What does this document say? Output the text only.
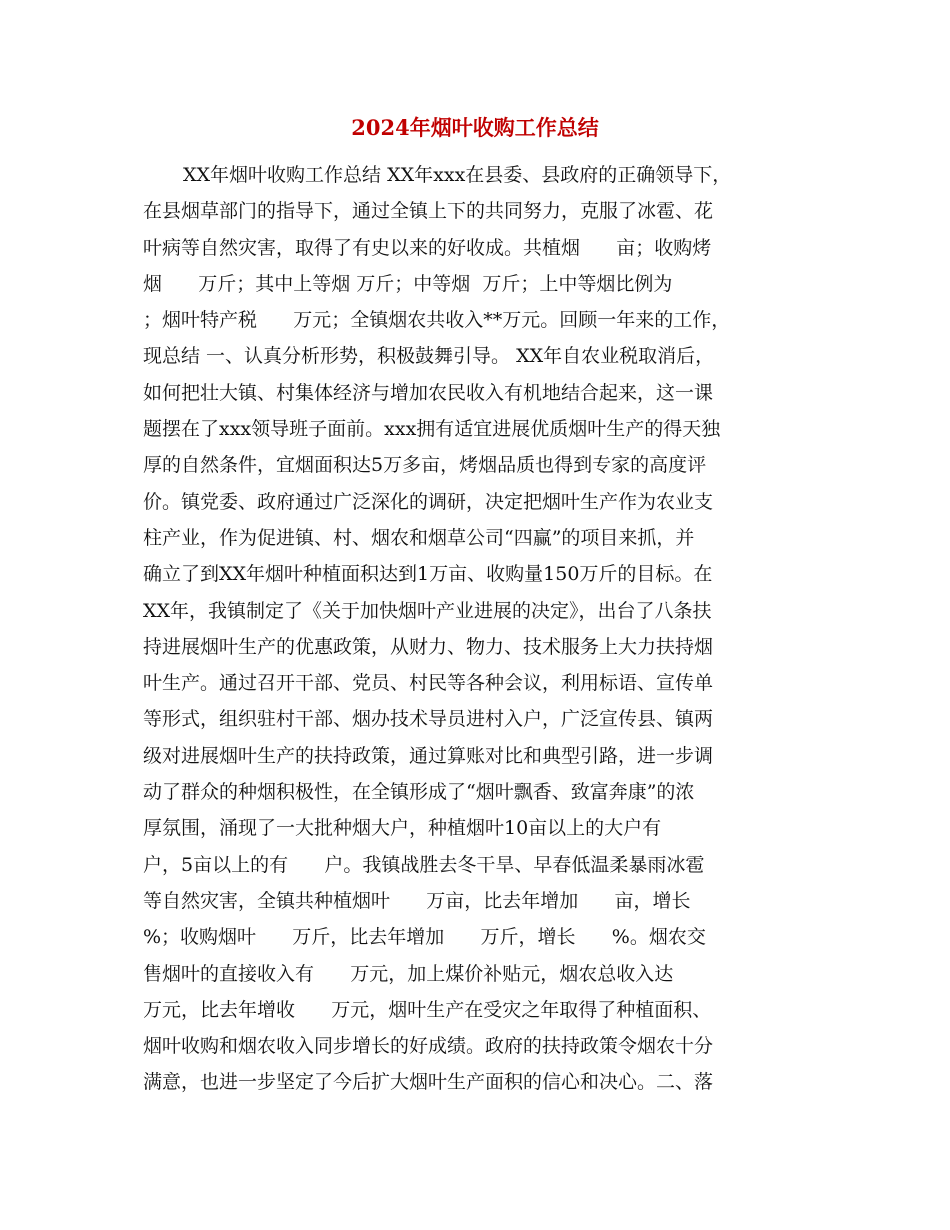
2024年烟叶收购工作总结
XX年烟叶收购工作总结 XX年xxx在县委、县政府的正确领导下，
在县烟草部门的指导下，通过全镇上下的共同努力，克服了冰雹、花
叶病等自然灾害，取得了有史以来的好收成。共植烟      亩；收购烤
烟      万斤；其中上等烟 万斤；中等烟  万斤；上中等烟比例为
；烟叶特产税      万元；全镇烟农共收入**万元。回顾一年来的工作，
现总结 一、认真分析形势，积极鼓舞引导。 XX年自农业税取消后，
如何把壮大镇、村集体经济与增加农民收入有机地结合起来，这一课
题摆在了xxx领导班子面前。xxx拥有适宜进展优质烟叶生产的得天独
厚的自然条件，宜烟面积达5万多亩，烤烟品质也得到专家的高度评
价。镇党委、政府通过广泛深化的调研，决定把烟叶生产作为农业支
柱产业，作为促进镇、村、烟农和烟草公司“四赢”的项目来抓，并
确立了到XX年烟叶种植面积达到1万亩、收购量150万斤的目标。在
XX年，我镇制定了《关于加快烟叶产业进展的决定》，出台了八条扶
持进展烟叶生产的优惠政策，从财力、物力、技术服务上大力扶持烟
叶生产。通过召开干部、党员、村民等各种会议，利用标语、宣传单
等形式，组织驻村干部、烟办技术导员进村入户，广泛宣传县、镇两
级对进展烟叶生产的扶持政策，通过算账对比和典型引路，进一步调
动了群众的种烟积极性，在全镇形成了“烟叶飘香、致富奔康”的浓
厚氛围，涌现了一大批种烟大户，种植烟叶10亩以上的大户有
户，5亩以上的有      户。我镇战胜去冬干旱、早春低温柔暴雨冰雹
等自然灾害，全镇共种植烟叶      万亩，比去年增加      亩，增长
%；收购烟叶      万斤，比去年增加      万斤，增长      %。烟农交
售烟叶的直接收入有      万元，加上煤价补贴元，烟农总收入达
万元，比去年增收      万元，烟叶生产在受灾之年取得了种植面积、
烟叶收购和烟农收入同步增长的好成绩。政府的扶持政策令烟农十分
满意，也进一步坚定了今后扩大烟叶生产面积的信心和决心。二、落
